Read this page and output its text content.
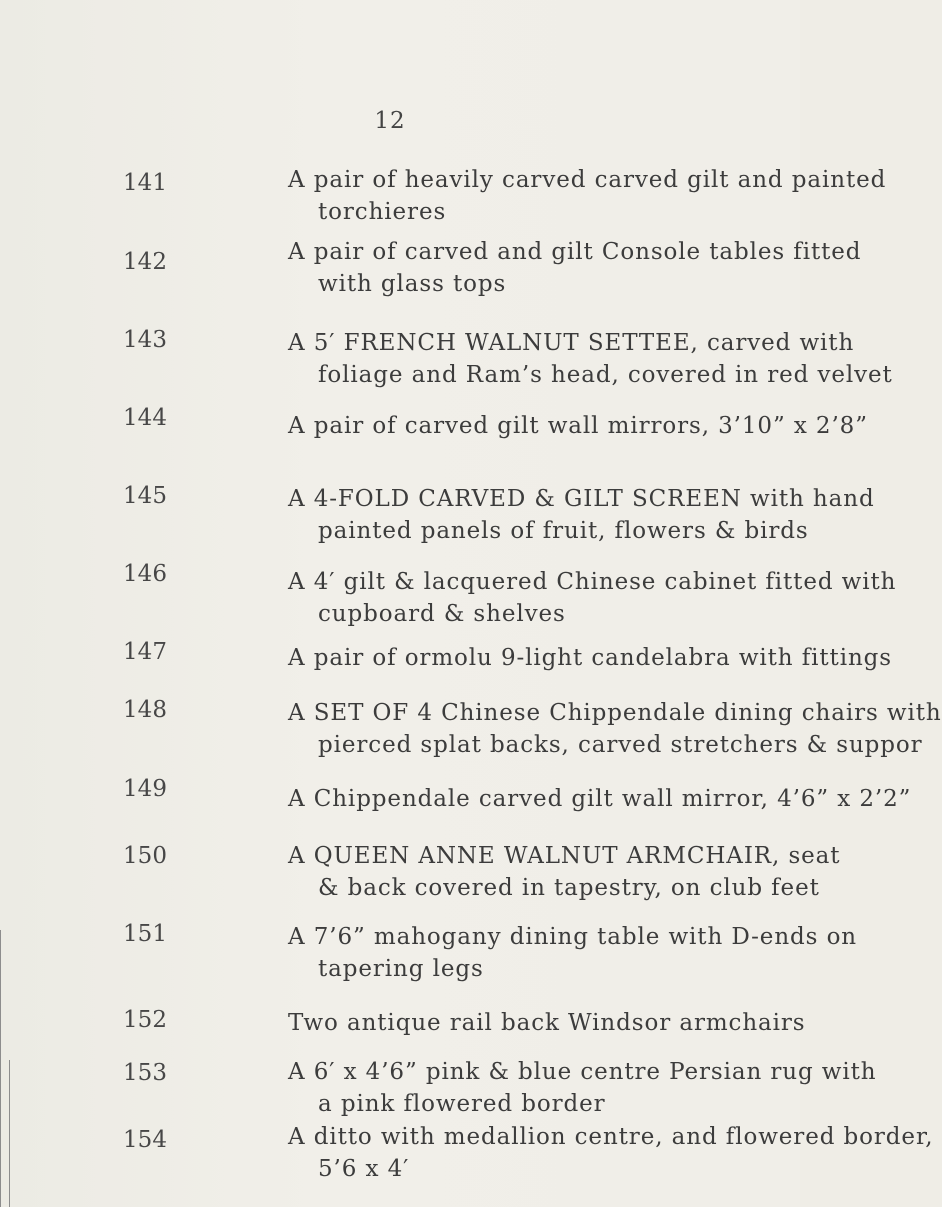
12
141	A pair of heavily carved carved gilt and painted
torchieres
142	A pair of carved and gilt Console tables fitted
with glass tops
143	A 5′ FRENCH WALNUT SETTEE, carved with
foliage and Ram’s head, covered in red velvet
144	A pair of carved gilt wall mirrors, 3’10” x 2’8”
145	A 4-FOLD CARVED & GILT SCREEN with hand
painted panels of fruit, flowers & birds
146	A 4′ gilt & lacquered Chinese cabinet fitted with
cupboard & shelves
147	A pair of ormolu 9-light candelabra with fittings
148	A SET OF 4 Chinese Chippendale dining chairs with
pierced splat backs, carved stretchers & suppor
149	A Chippendale carved gilt wall mirror, 4’6” x 2’2”
150	A QUEEN ANNE WALNUT ARMCHAIR, seat
& back covered in tapestry, on club feet
151	A 7’6” mahogany dining table with D-ends on
tapering legs
152	Two antique rail back Windsor armchairs
153	A 6′ x 4’6” pink & blue centre Persian rug with
a pink flowered border
154	A ditto with medallion centre, and flowered border,
5’6 x 4′
